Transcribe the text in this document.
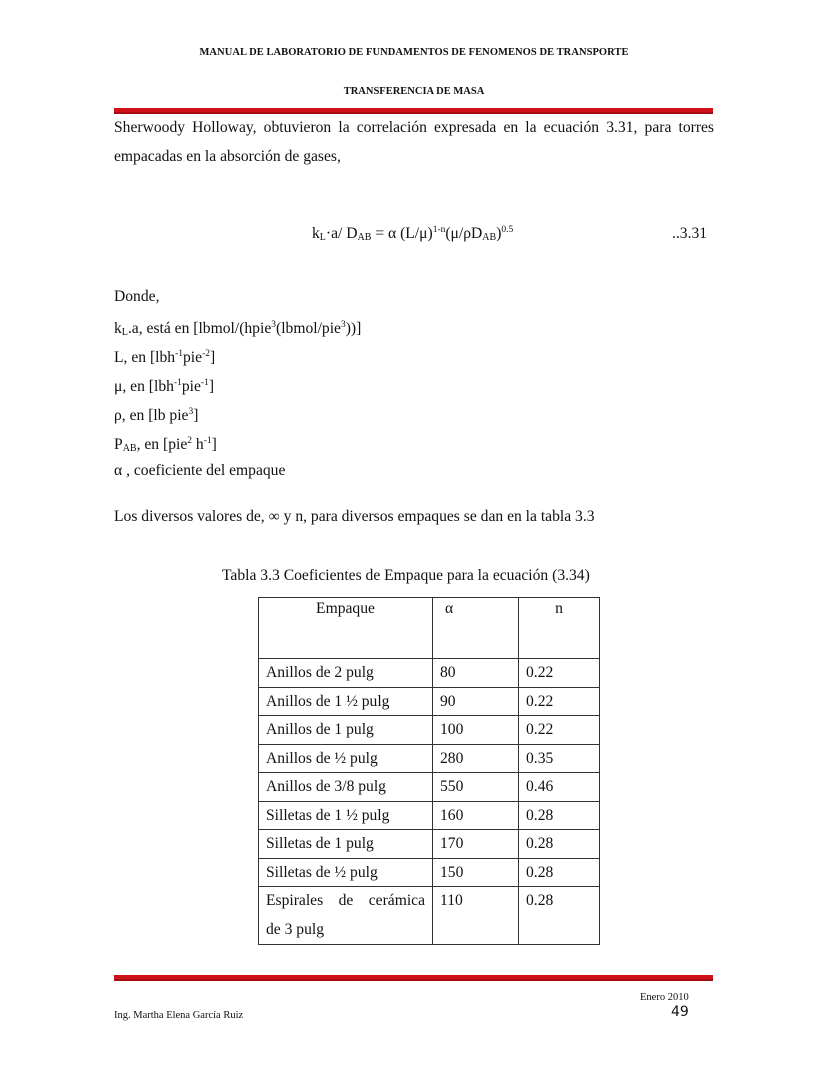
MANUAL DE LABORATORIO DE FUNDAMENTOS DE FENOMENOS DE TRANSPORTE
TRANSFERENCIA DE MASA
Sherwoody Holloway, obtuvieron la correlación expresada en la ecuación 3.31, para torres empacadas en la absorción de gases,
$k_L\cdot a/$ $D_{AB} = \alpha$ $(L/\mu)^{1-n}(\mu/\rho D_{AB})^{0.5}$	..3.31
Donde,
$k_L.a$, está en [lbmol/(hpie$^3$(lbmol/pie$^3$))]
L, en [lbh$^{-1}$pie$^{-2}$]
μ, en [lbh$^{-1}$pie$^{-1}$]
ρ, en [lb pie$^3$]
$P_{AB}$, en [pie$^2$ $h^{-1}$]
α , coeficiente del empaque
Los diversos valores de, ∞ y n, para diversos empaques se dan en la tabla 3.3
Tabla 3.3 Coeficientes de Empaque para la ecuación (3.34)
Empaque	α	n
Anillos de 2 pulg	80	0.22
Anillos de 1 ½ pulg	90	0.22
Anillos de 1 pulg	100	0.22
Anillos de ½ pulg	280	0.35
Anillos de 3/8 pulg	550	0.46
Silletas de 1 ½ pulg	160	0.28
Silletas de 1 pulg	170	0.28
Silletas de ½ pulg	150	0.28

Espirales de cerámica
de 3 pulg	110	0.28
Enero 2010
Ing. Martha Elena García Ruiz	49
